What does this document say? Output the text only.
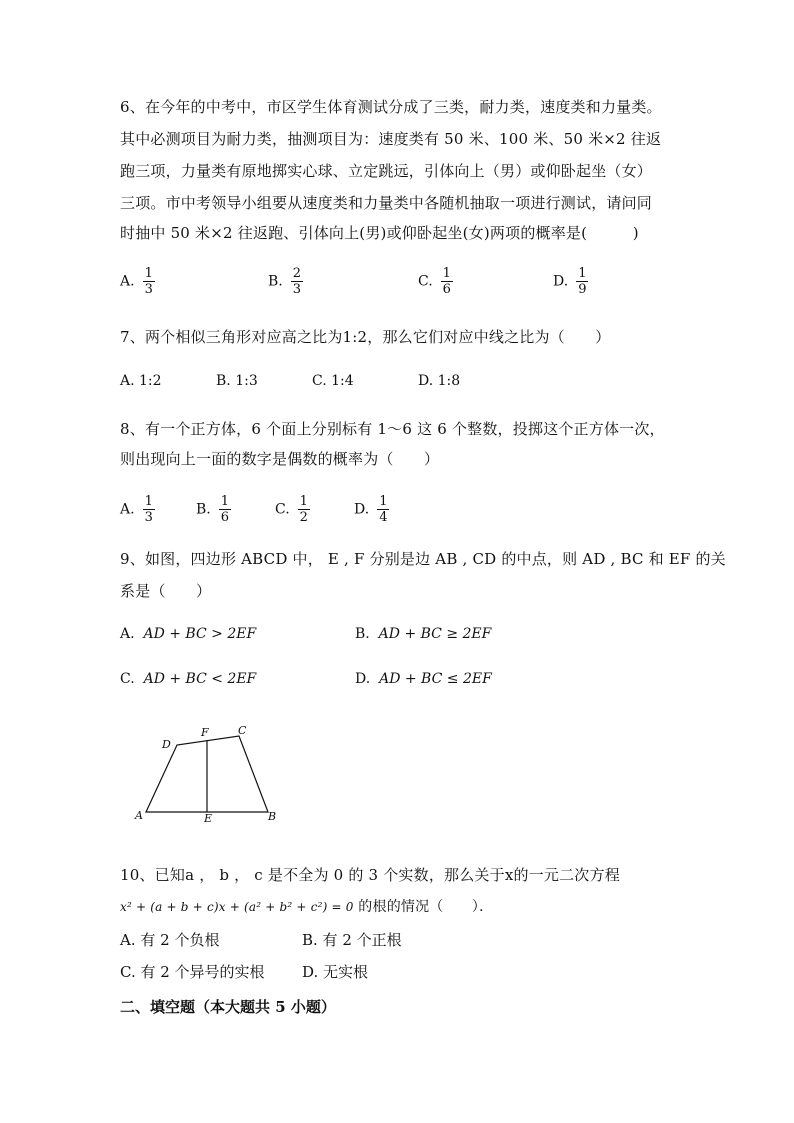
6、在今年的中考中，市区学生体育测试分成了三类，耐力类，速度类和力量类。
其中必测项目为耐力类，抽测项目为：速度类有 50 米、100 米、50 米×2 往返
跑三项，力量类有原地掷实心球、立定跳远，引体向上（男）或仰卧起坐（女）
三项。市中考领导小组要从速度类和力量类中各随机抽取一项进行测试，请问同
时抽中 50 米×2 往返跑、引体向上(男)或仰卧起坐(女)两项的概率是(　　　)
A. $\frac{1}{3}$	B. $\frac{2}{3}$	C. $\frac{1}{6}$	D. $\frac{1}{9}$
7、两个相似三角形对应高之比为1:2，那么它们对应中线之比为（　　）
A. 1:2	B. 1:3	C. 1:4	D. 1:8
8、有一个正方体，6 个面上分别标有 1～6 这 6 个整数，投掷这个正方体一次，
则出现向上一面的数字是偶数的概率为（　　）
A. $\frac{1}{3}$	B. $\frac{1}{6}$	C. $\frac{1}{2}$	D. $\frac{1}{4}$
9、如图，四边形 ABCD 中， E , F 分别是边 AB , CD 的中点，则 AD , BC 和 EF 的关
系是（　　）
A. AD + BC > 2EF	B. AD + BC ≥ 2EF
C. AD + BC < 2EF	D. AD + BC ≤ 2EF
A	B
C
D
E
F
10、已知a ， b ， c 是不全为 0 的 3 个实数，那么关于x的一元二次方程
x² + (a + b + c)x + (a² + b² + c²) = 0 的根的情况（　　）．
A. 有 2 个负根	B. 有 2 个正根
C. 有 2 个异号的实根 D. 无实根
二、填空题（本大题共 5 小题）
